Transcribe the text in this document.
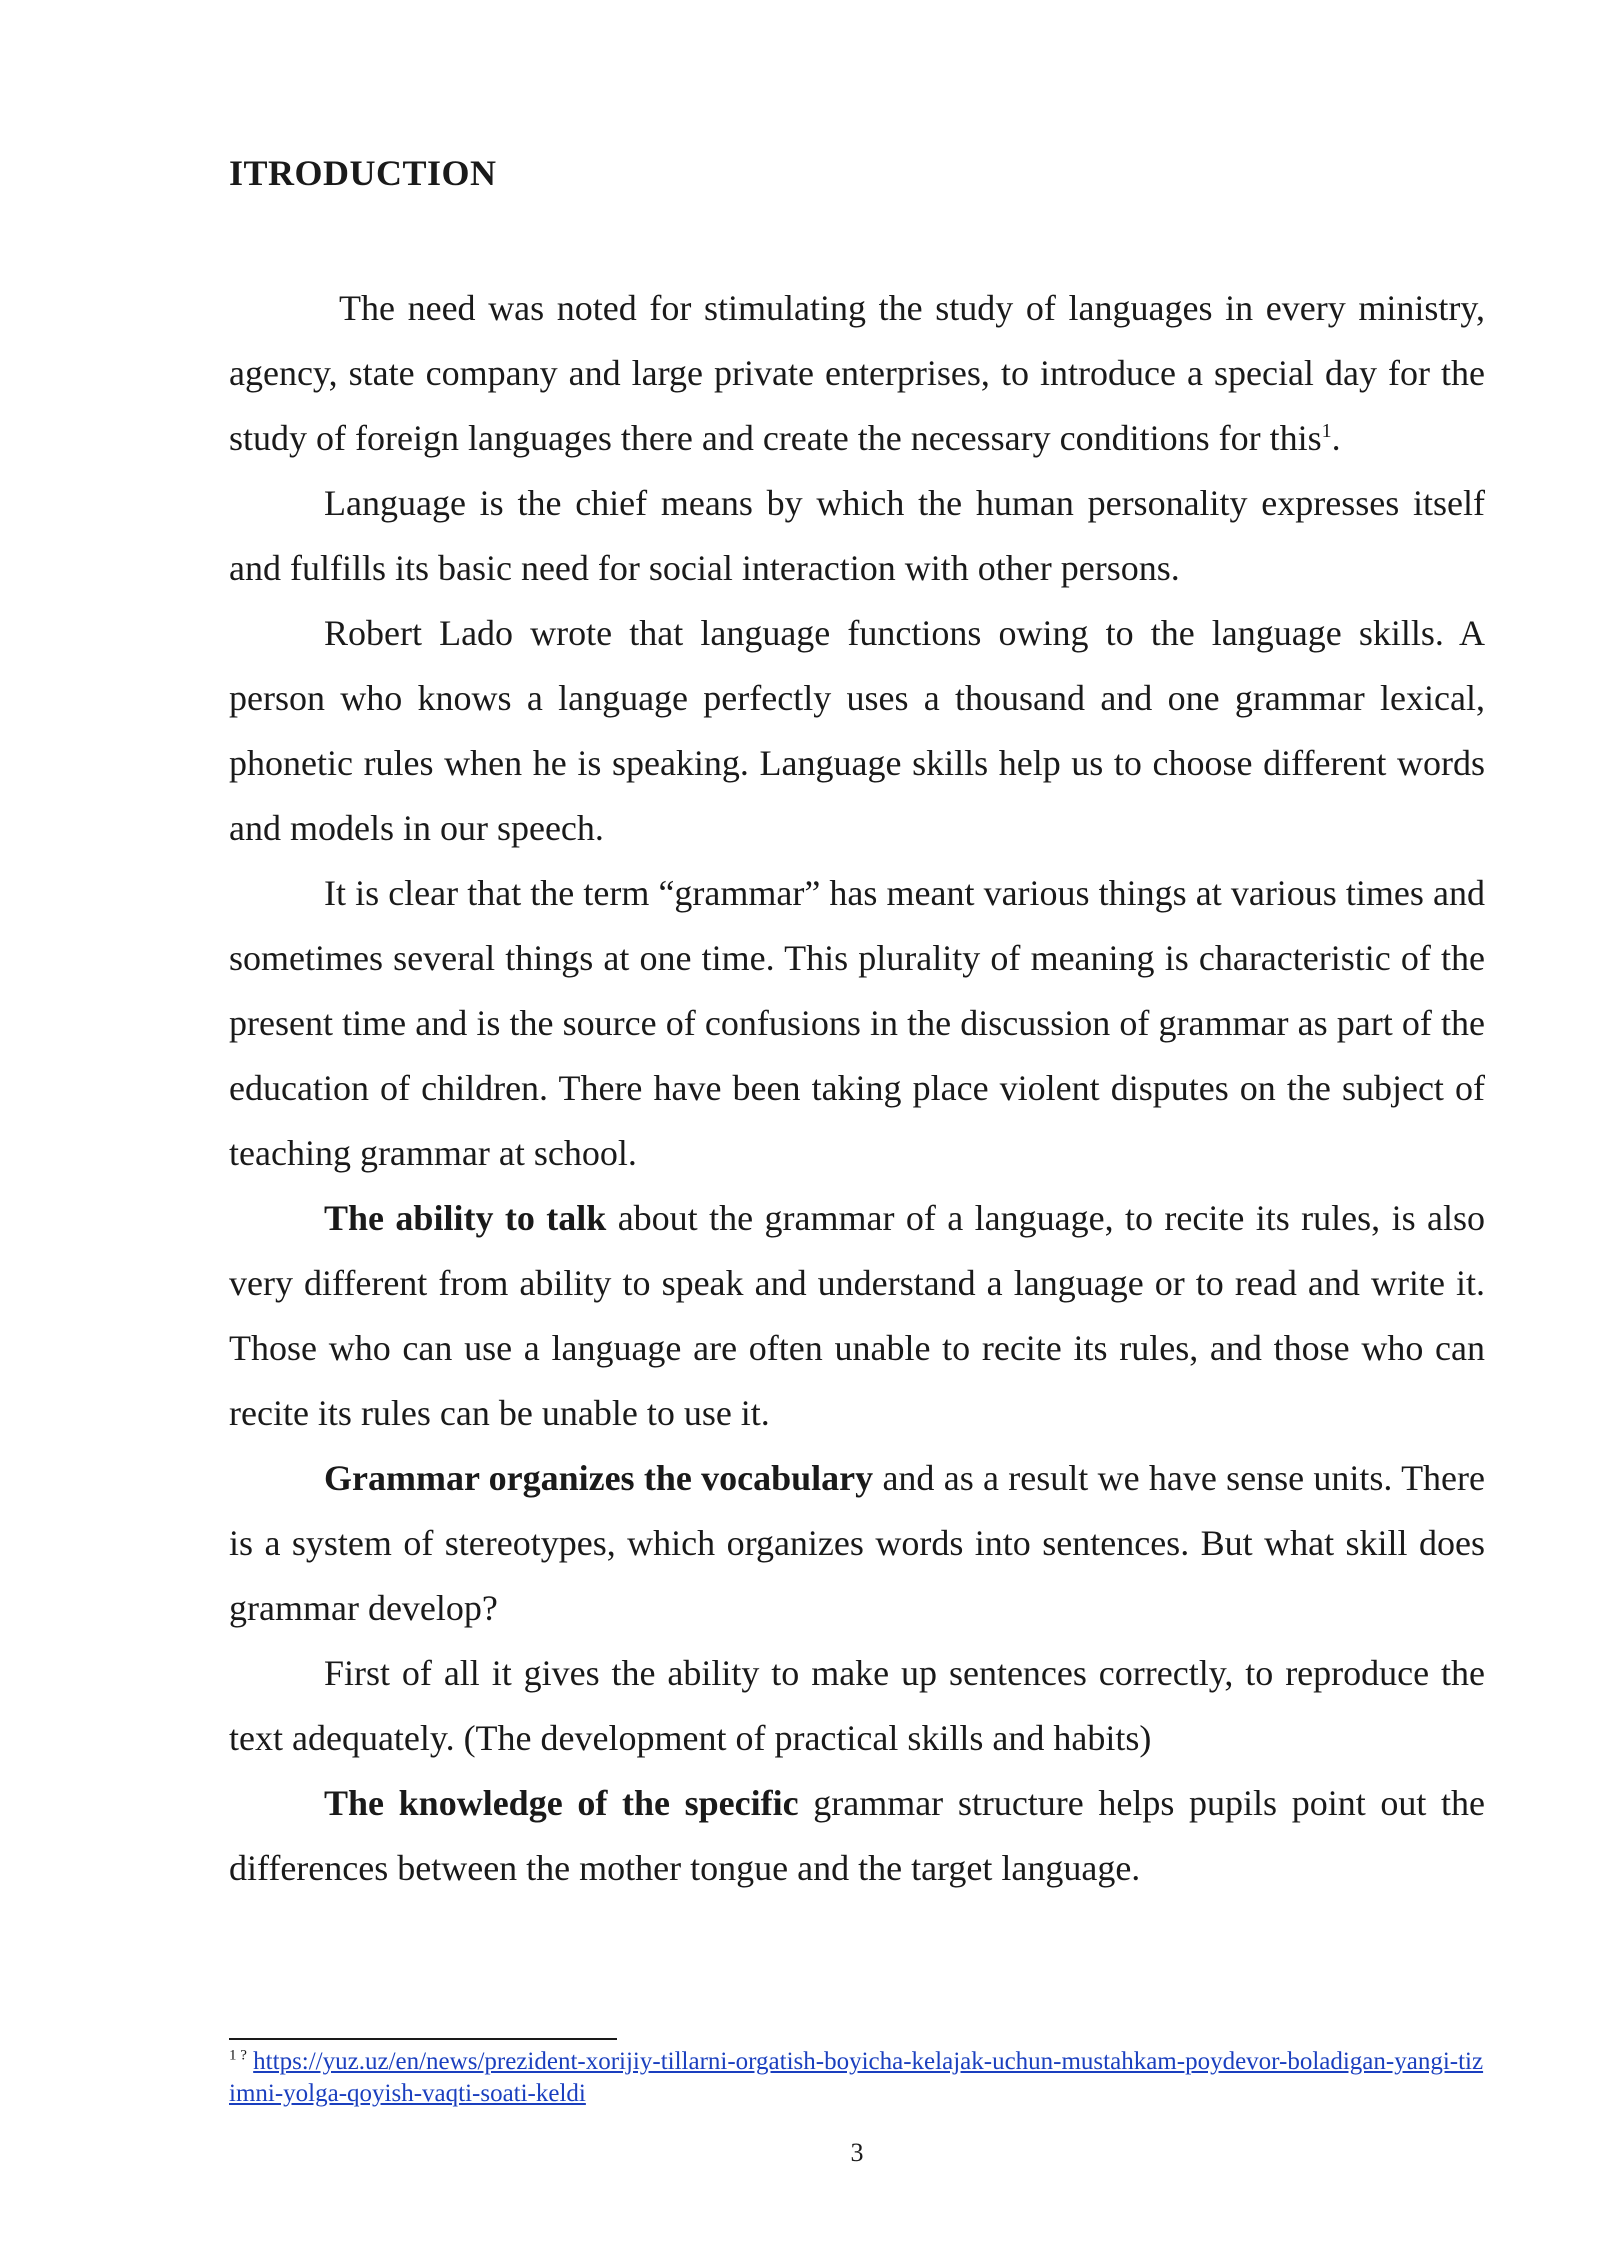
ITRODUCTION

The need was noted for stimulating the study of languages in every ministry, agency, state company and large private enterprises, to introduce a special day for the study of foreign languages there and create the necessary conditions for this$^1$.

Language is the chief means by which the human personality expresses itself and fulfills its basic need for social interaction with other persons.

Robert Lado wrote that language functions owing to the language skills. A person who knows a language perfectly uses a thousand and one grammar lexical, phonetic rules when he is speaking. Language skills help us to choose different words and models in our speech.

It is clear that the term “grammar” has meant various things at various times and sometimes several things at one time. This plurality of meaning is characteristic of the present time and is the source of confusions in the discussion of grammar as part of the education of children. There have been taking place violent disputes on the subject of teaching grammar at school.

The ability to talk about the grammar of a language, to recite its rules, is also very different from ability to speak and understand a language or to read and write it. Those who can use a language are often unable to recite its rules, and those who can recite its rules can be unable to use it.

Grammar organizes the vocabulary and as a result we have sense units. There is a system of stereotypes, which organizes words into sentences. But what skill does grammar develop?

First of all it gives the ability to make up sentences correctly, to reproduce the text adequately. (The development of practical skills and habits)

The knowledge of the specific grammar structure helps pupils point out the differences between the mother tongue and the target language.

$^{1 ?}$ https://yuz.uz/en/news/prezident-xorijiy-tillarni-orgatish-boyicha-kelajak-uchun-mustahkam-poydevor-boladigan-yangi-tizimni-yolga-qoyish-vaqti-soati-keldi

3
